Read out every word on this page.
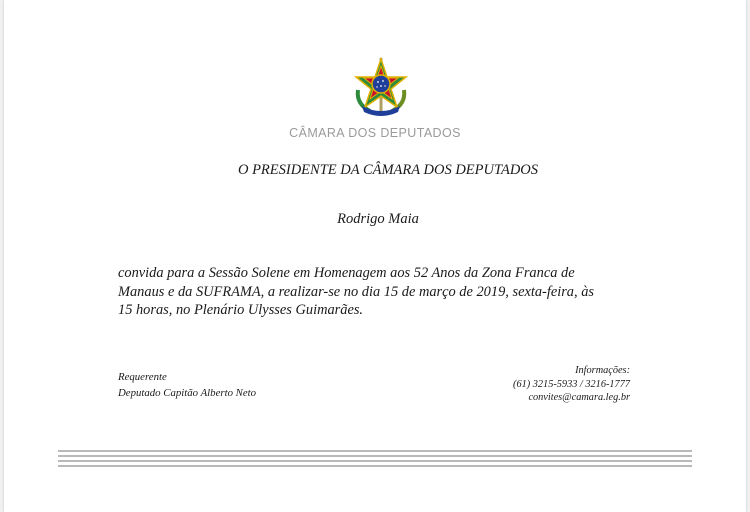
CÂMARA DOS DEPUTADOS
O PRESIDENTE DA CÂMARA DOS DEPUTADOS
Rodrigo Maia
convida para a Sessão Solene em Homenagem aos 52 Anos da Zona Franca de
Manaus e da SUFRAMA, a realizar-se no dia 15 de março de 2019, sexta-feira, às
15 horas, no Plenário Ulysses Guimarães.
Requerente
Deputado Capitão Alberto Neto
Informações:
(61) 3215-5933 / 3216-1777
convites@camara.leg.br
